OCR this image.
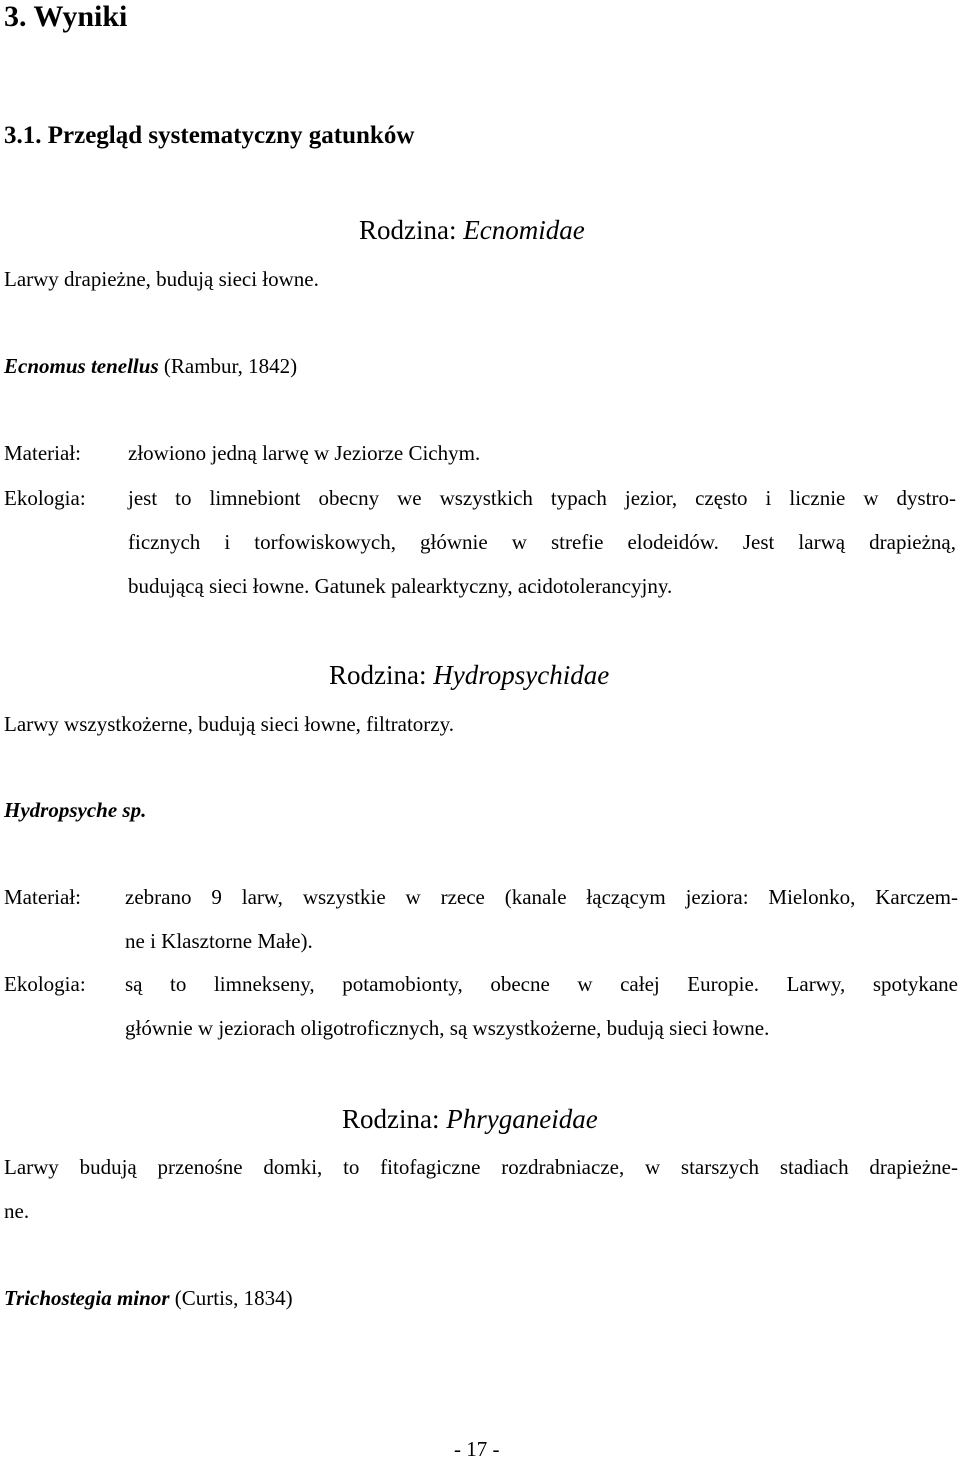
3. Wyniki
3.1. Przegląd systematyczny gatunków
Rodzina: Ecnomidae
Larwy drapieżne, budują sieci łowne.
Ecnomus tenellus (Rambur, 1842)
Materiał: złowiono jedną larwę w Jeziorze Cichym.
Ekologia: jest to limnebiont obecny we wszystkich typach jezior, często i licznie w dystro-
ficznych i torfowiskowych, głównie w strefie elodeidów. Jest larwą drapieżną,
budującą sieci łowne. Gatunek palearktyczny, acidotolerancyjny.
Rodzina: Hydropsychidae
Larwy wszystkożerne, budują sieci łowne, filtratorzy.
Hydropsyche sp.
Materiał: zebrano 9 larw, wszystkie w rzece (kanale łączącym jeziora: Mielonko, Karczem-
ne i Klasztorne Małe).
Ekologia: są to limnekseny, potamobionty, obecne w całej Europie. Larwy, spotykane
głównie w jeziorach oligotroficznych, są wszystkożerne, budują sieci łowne.
Rodzina: Phryganeidae
Larwy budują przenośne domki, to fitofagiczne rozdrabniacze, w starszych stadiach drapieżne-
ne.
Trichostegia minor (Curtis, 1834)
- 17 -
